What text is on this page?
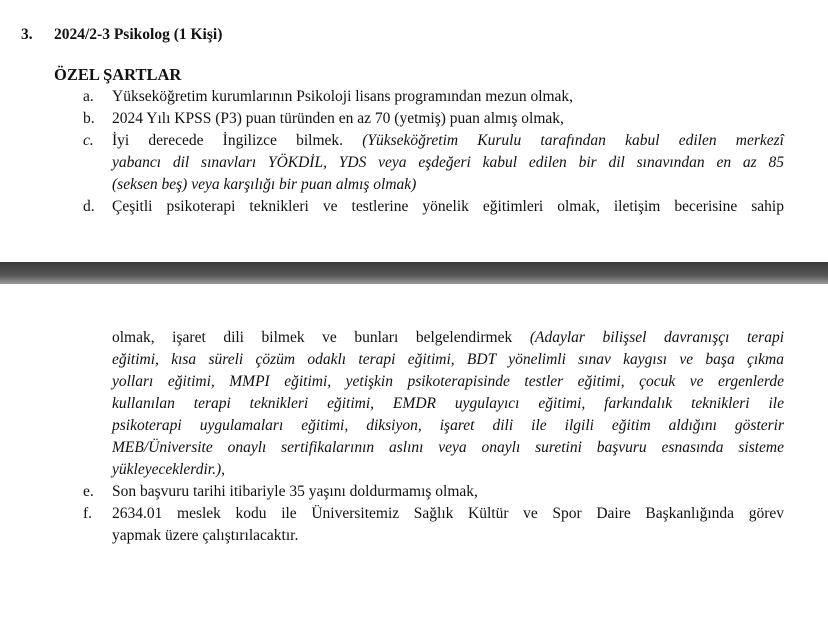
3. 2024/2-3 Psikolog (1 Kişi)
ÖZEL ŞARTLAR
a. Yükseköğretim kurumlarının Psikoloji lisans programından mezun olmak,
b. 2024 Yılı KPSS (P3) puan türünden en az 70 (yetmiş) puan almış olmak,
c. İyi derecede İngilizce bilmek. (Yükseköğretim Kurulu tarafından kabul edilen merkezî
yabancı dil sınavları YÖKDİL, YDS veya eşdeğeri kabul edilen bir dil sınavından en az 85
(seksen beş) veya karşılığı bir puan almış olmak)
d. Çeşitli psikoterapi teknikleri ve testlerine yönelik eğitimleri olmak, iletişim becerisine sahip
olmak, işaret dili bilmek ve bunları belgelendirmek (Adaylar bilişsel davranışçı terapi
eğitimi, kısa süreli çözüm odaklı terapi eğitimi, BDT yönelimli sınav kaygısı ve başa çıkma
yolları eğitimi, MMPI eğitimi, yetişkin psikoterapisinde testler eğitimi, çocuk ve ergenlerde
kullanılan terapi teknikleri eğitimi, EMDR uygulayıcı eğitimi, farkındalık teknikleri ile
psikoterapi uygulamaları eğitimi, diksiyon, işaret dili ile ilgili eğitim aldığını gösterir
MEB/Üniversite onaylı sertifikalarının aslını veya onaylı suretini başvuru esnasında sisteme
yükleyeceklerdir.),
e. Son başvuru tarihi itibariyle 35 yaşını doldurmamış olmak,
f. 2634.01 meslek kodu ile Üniversitemiz Sağlık Kültür ve Spor Daire Başkanlığında görev
yapmak üzere çalıştırılacaktır.
